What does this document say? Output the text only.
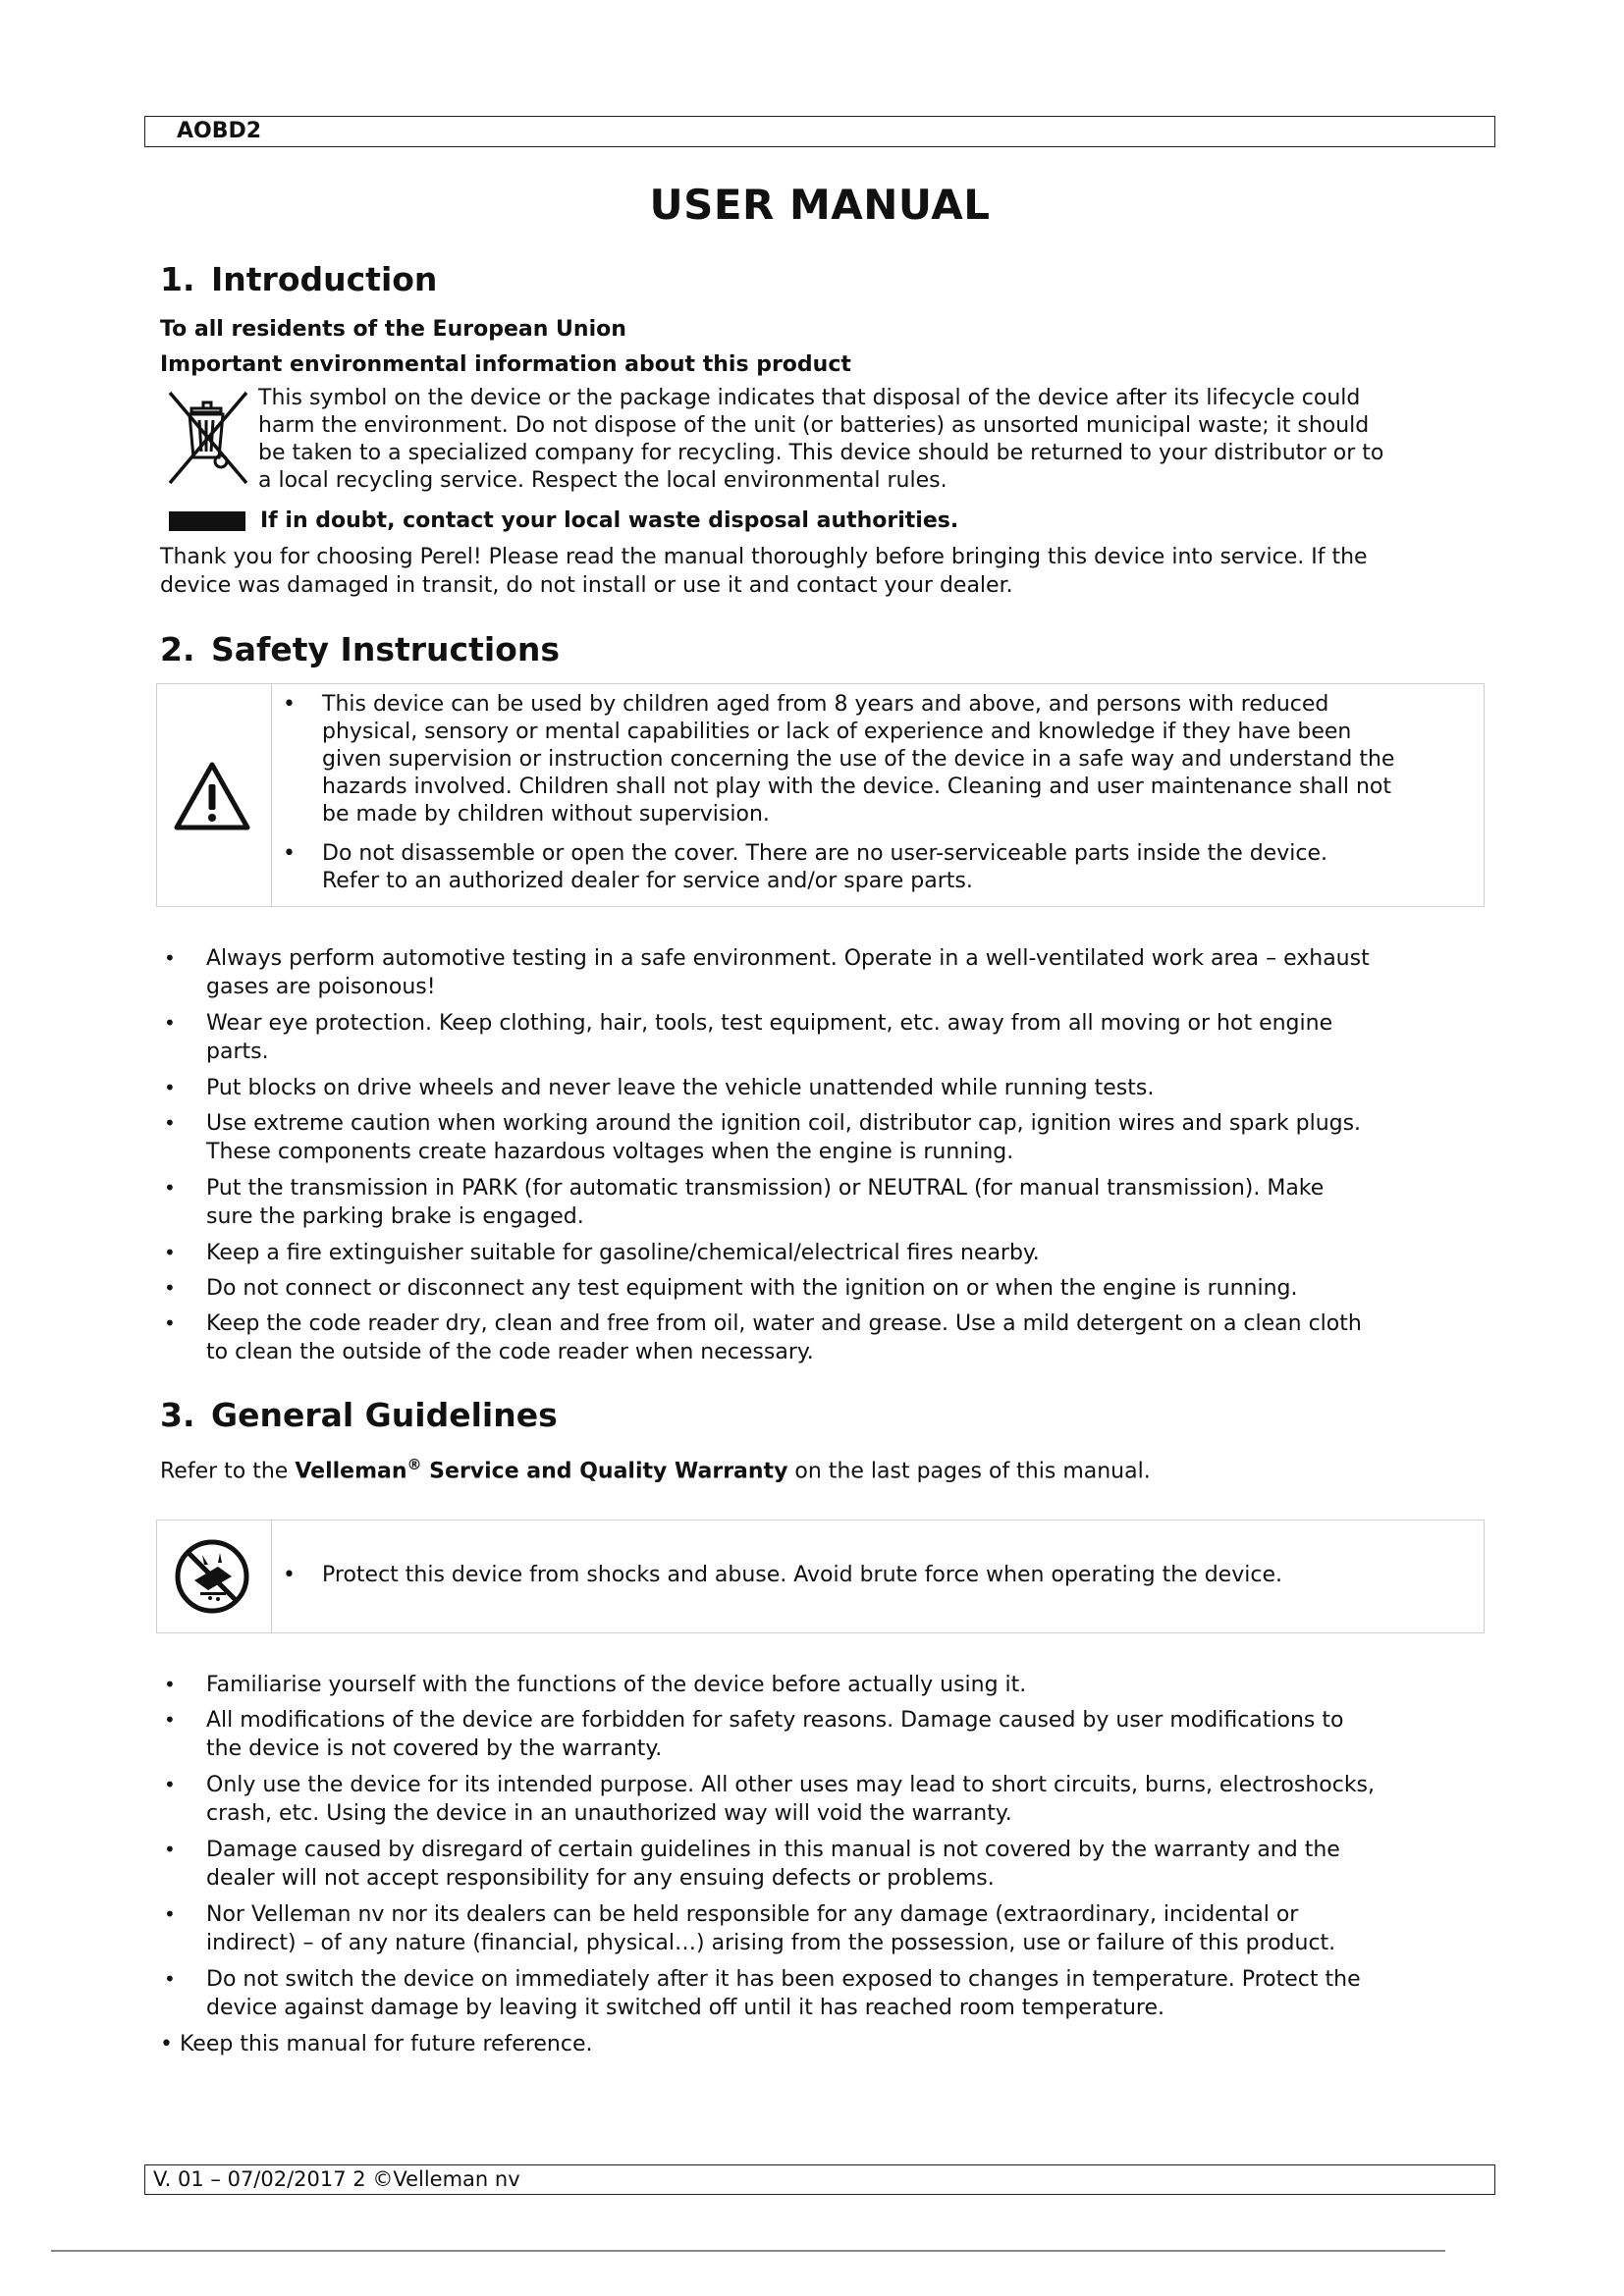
AOBD2
USER MANUAL
1. Introduction
To all residents of the European Union
Important environmental information about this product
This symbol on the device or the package indicates that disposal of the device after its lifecycle could
harm the environment. Do not dispose of the unit (or batteries) as unsorted municipal waste; it should
be taken to a specialized company for recycling. This device should be returned to your distributor or to
a local recycling service. Respect the local environmental rules.
If in doubt, contact your local waste disposal authorities.
Thank you for choosing Perel! Please read the manual thoroughly before bringing this device into service. If the
device was damaged in transit, do not install or use it and contact your dealer.
2. Safety Instructions
•	This device can be used by children aged from 8 years and above, and persons with reduced
physical, sensory or mental capabilities or lack of experience and knowledge if they have been
given supervision or instruction concerning the use of the device in a safe way and understand the
hazards involved. Children shall not play with the device. Cleaning and user maintenance shall not
be made by children without supervision.
•	Do not disassemble or open the cover. There are no user-serviceable parts inside the device.
Refer to an authorized dealer for service and/or spare parts.
• Always perform automotive testing in a safe environment. Operate in a well-ventilated work area – exhaust
gases are poisonous!
• Wear eye protection. Keep clothing, hair, tools, test equipment, etc. away from all moving or hot engine
parts.
• Put blocks on drive wheels and never leave the vehicle unattended while running tests.
• Use extreme caution when working around the ignition coil, distributor cap, ignition wires and spark plugs.
These components create hazardous voltages when the engine is running.
• Put the transmission in PARK (for automatic transmission) or NEUTRAL (for manual transmission). Make
sure the parking brake is engaged.
• Keep a fire extinguisher suitable for gasoline/chemical/electrical fires nearby.
• Do not connect or disconnect any test equipment with the ignition on or when the engine is running.
• Keep the code reader dry, clean and free from oil, water and grease. Use a mild detergent on a clean cloth
to clean the outside of the code reader when necessary.
3. General Guidelines
Refer to the Velleman® Service and Quality Warranty on the last pages of this manual.
•	Protect this device from shocks and abuse. Avoid brute force when operating the device.
• Familiarise yourself with the functions of the device before actually using it.
• All modifications of the device are forbidden for safety reasons. Damage caused by user modifications to
the device is not covered by the warranty.
• Only use the device for its intended purpose. All other uses may lead to short circuits, burns, electroshocks,
crash, etc. Using the device in an unauthorized way will void the warranty.
• Damage caused by disregard of certain guidelines in this manual is not covered by the warranty and the
dealer will not accept responsibility for any ensuing defects or problems.
• Nor Velleman nv nor its dealers can be held responsible for any damage (extraordinary, incidental or
indirect) – of any nature (financial, physical…) arising from the possession, use or failure of this product.
• Do not switch the device on immediately after it has been exposed to changes in temperature. Protect the
device against damage by leaving it switched off until it has reached room temperature.
• Keep this manual for future reference.
V. 01 – 07/02/2017 2 ©Velleman nv
